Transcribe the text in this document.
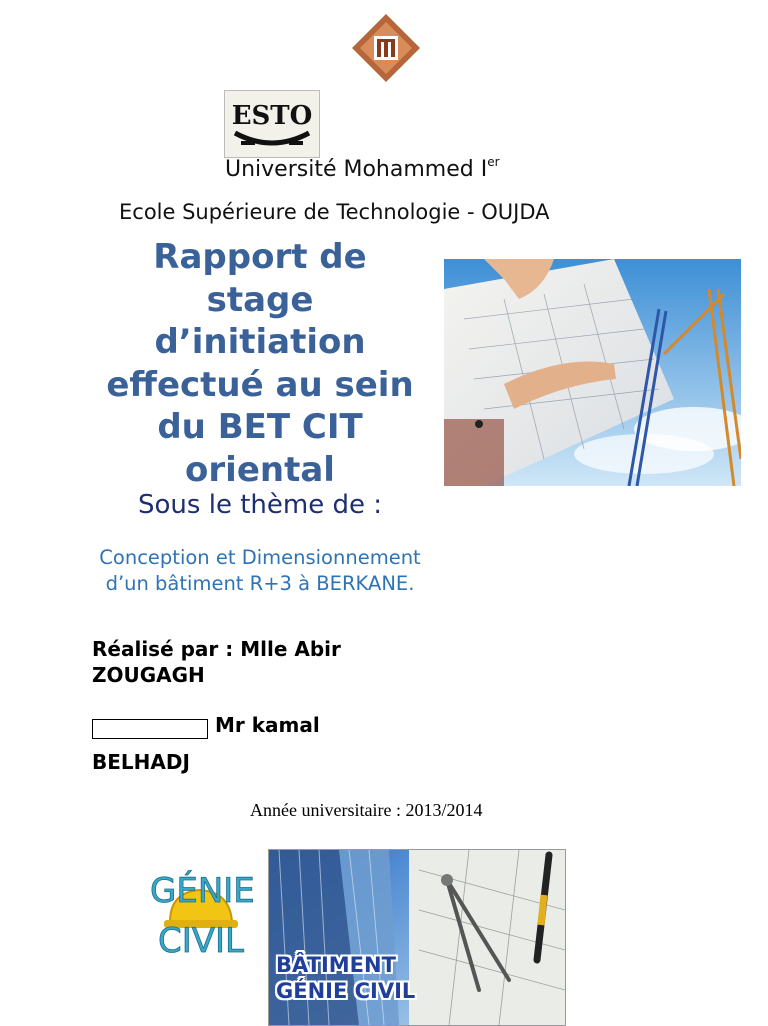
ESTO
Université Mohammed Ier
Ecole Supérieure de Technologie - OUJDA
Rapport de stage d’initiation effectué au sein du BET CIT oriental
Sous le thème de :
Conception et Dimensionnement d’un bâtiment R+3 à BERKANE.
Réalisé par : Mlle Abir ZOUGAGH
Mr kamal
BELHADJ
Année universitaire : 2013/2014
GÉNIE
CIVIL
BÂTIMENT
GÉNIE CIVIL
